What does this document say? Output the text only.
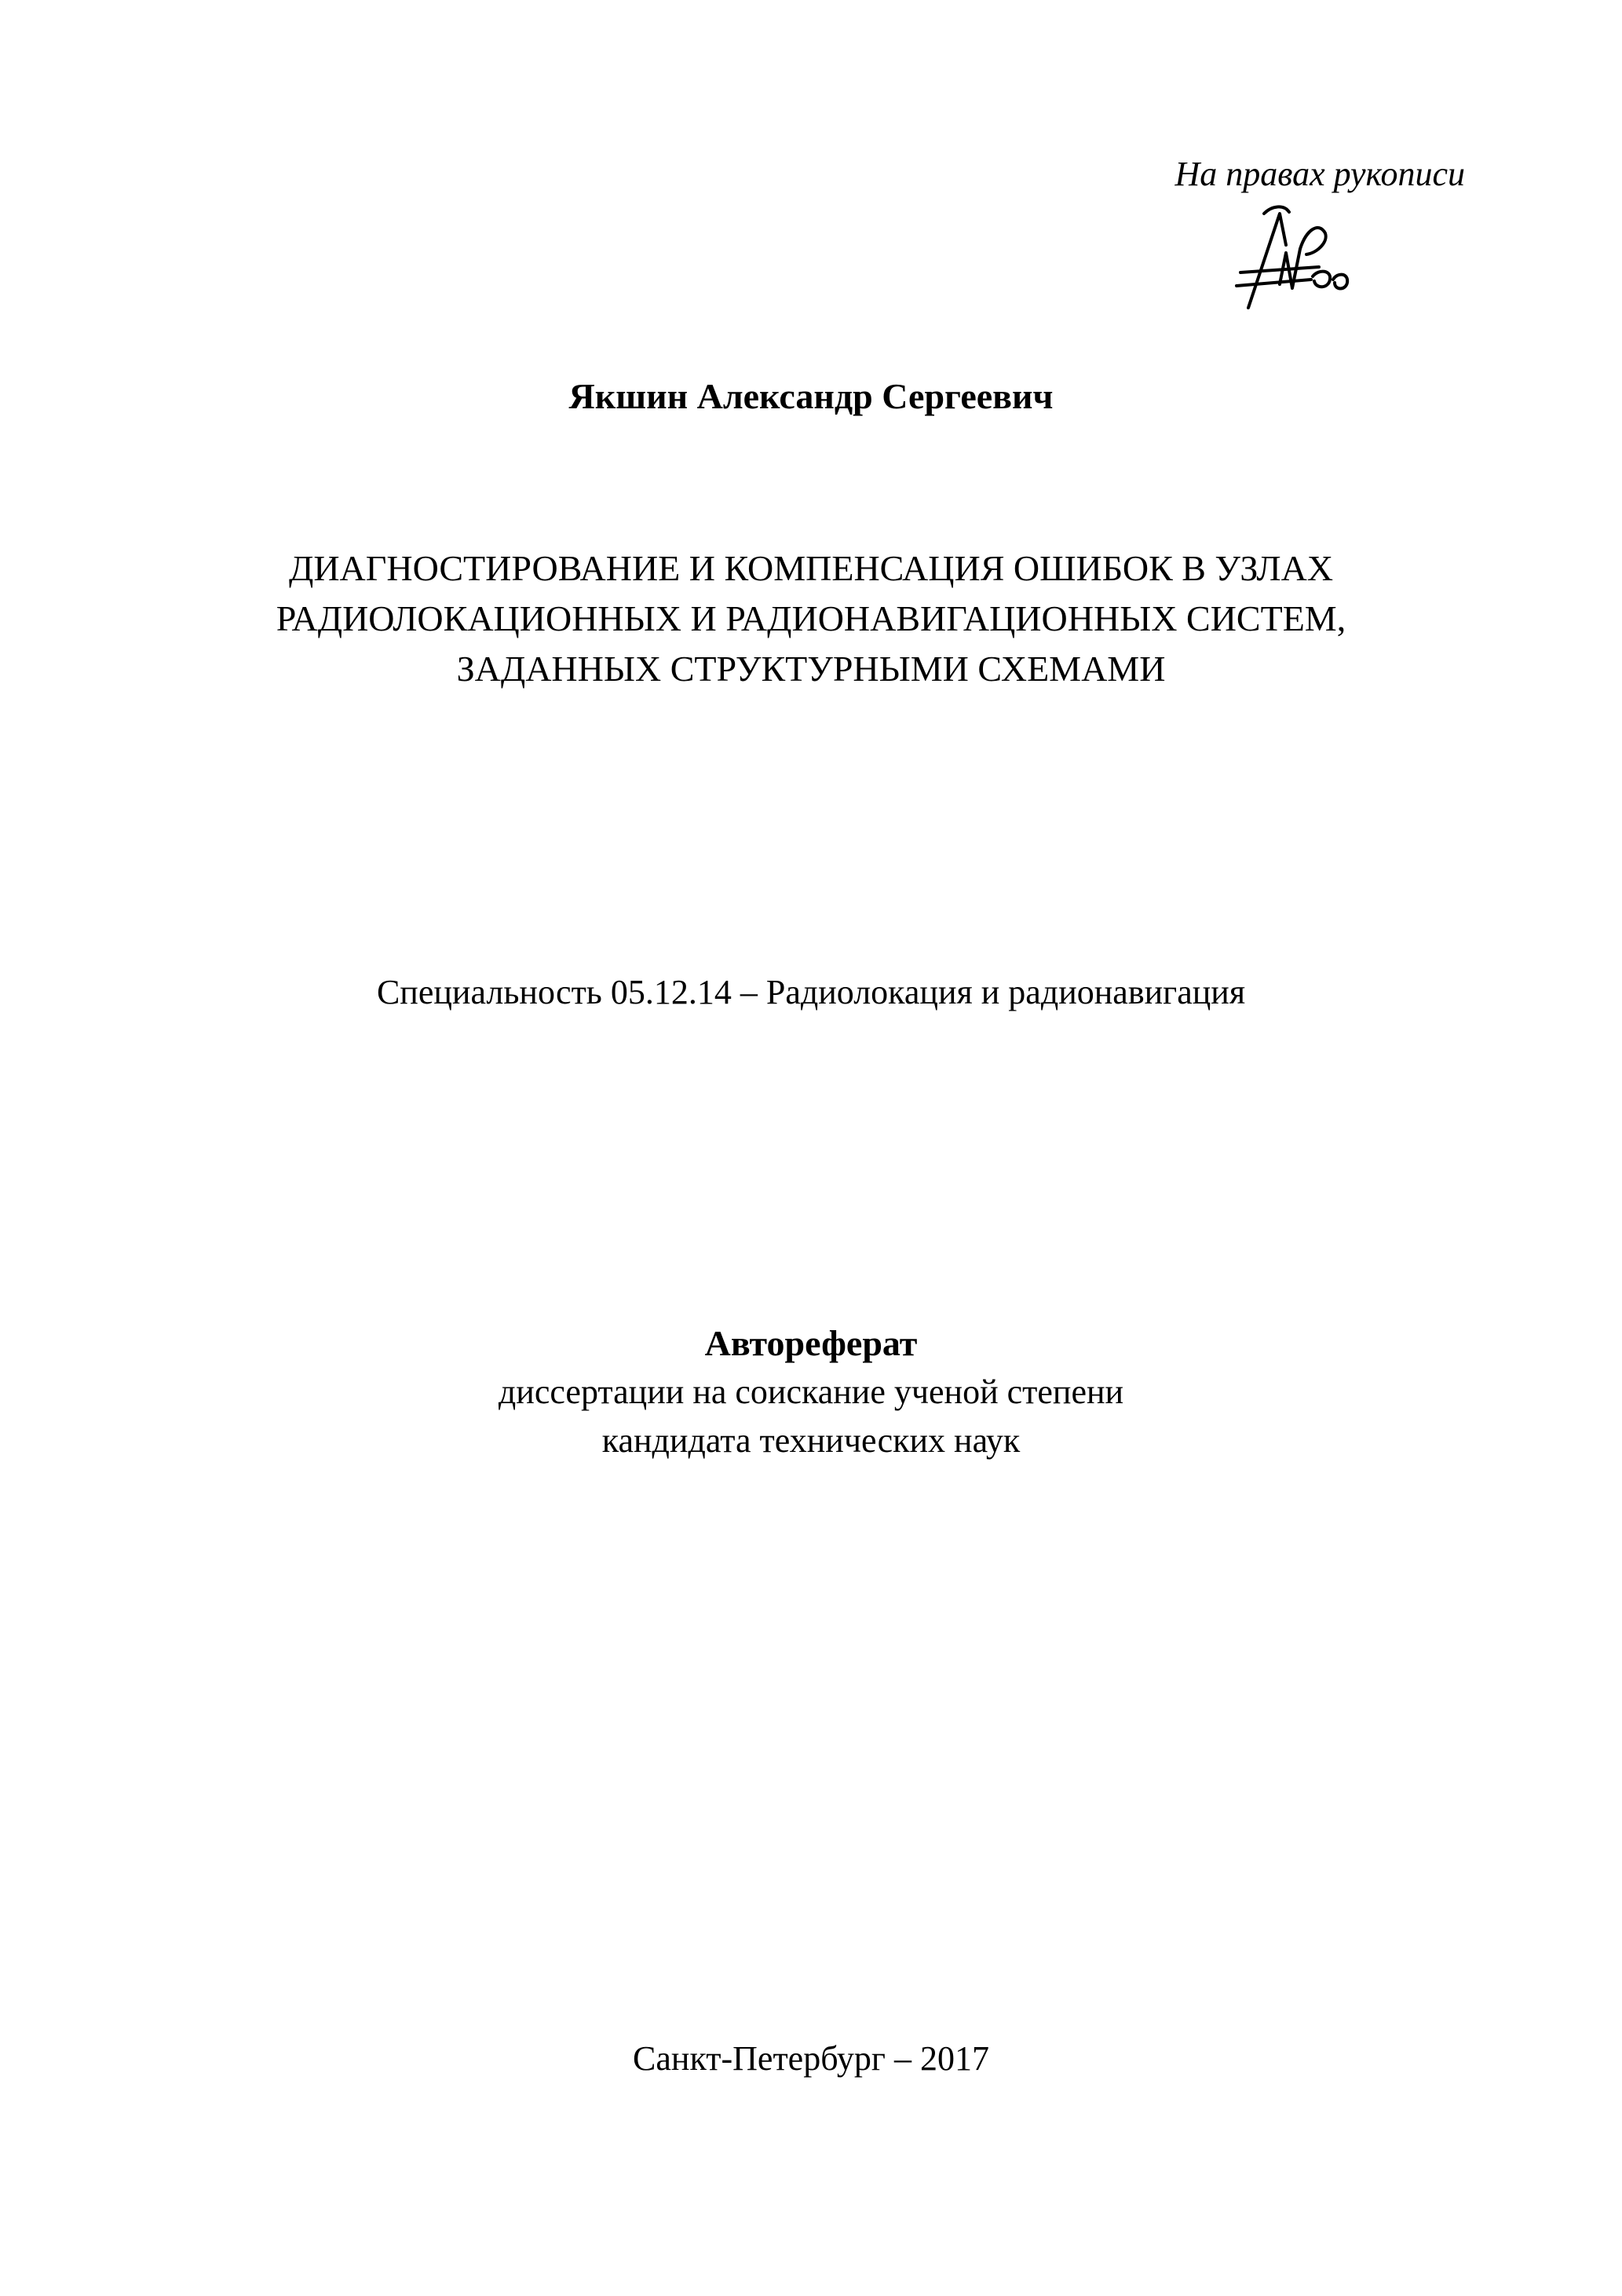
На правах рукописи
Якшин Александр Сергеевич
ДИАГНОСТИРОВАНИЕ И КОМПЕНСАЦИЯ ОШИБОК В УЗЛАХ
РАДИОЛОКАЦИОННЫХ И РАДИОНАВИГАЦИОННЫХ СИСТЕМ,
ЗАДАННЫХ СТРУКТУРНЫМИ СХЕМАМИ
Специальность 05.12.14 – Радиолокация и радионавигация
Автореферат
диссертации на соискание ученой степени
кандидата технических наук
Санкт-Петербург – 2017
